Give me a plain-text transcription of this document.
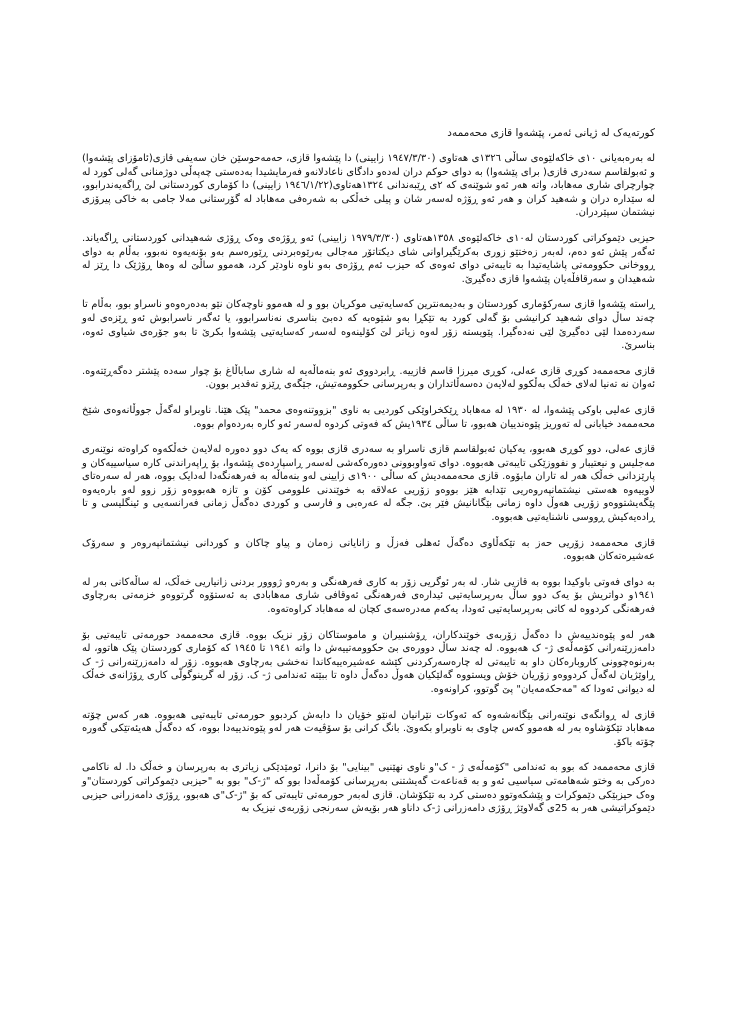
کورتەیەک لە ژیانی ئەمر، پێشەوا قازی محەممەد

لە بەرەبەیانی ١٠ی خاکەلێوەی ساڵی ١٣٢٦ی هەتاوی (١٩٤٧/٣/٣٠ زایینی) دا پێشەوا قازی، حەمەحوسێن خان سەیفی قازی(ئامۆزای پێشەوا) و ئەبولقاسم سەدری قازی( برای پێشەوا) بە دوای حوکم دران لەدەو دادگای ناعادلانەو فەرمایشیدا بەدەستی چەپەڵی دوژمنانی گەلی کورد لە چوارچرای شاری مەهاباد، واتە هەر ئەو شوێنەی کە ٢ی ڕێبەندانی ١٣٢٤هەتاوی(١٩٤٦/١/٢٢ زایینی) دا کۆماری کوردستانی لێ ڕاگەیەندرابوو، لە سێدارە دران و شەهید کران و هەر ئەو ڕۆژە لەسەر شان و پیلی خەڵکی بە شەرەفی مەهاباد لە گۆرستانی مەلا جامی بە خاکی پیرۆزی نیشتمان سپێردران.

حیزبی دێموکراتی کوردستان لە١٠ی خاکەلێوەی ١٣٥٨هەتاوی (١٩٧٩/٣/٣٠ زایینی) ئەو ڕۆژەی وەک ڕۆژی شەهیدانی کوردستانی ڕاگەیاند. ئەگەر پێش ئەو دەم، لەبەر زەختێو زوری بەکرێگیراوانی شای دیکتاتۆر مەجالی بەرێوەبردنی ڕێورەسم بەو بۆنەیەوە نەبوو، بەڵام بە دوای ڕووخانی حکوومەتی پاشایەتیدا بە تایبەتی دوای ئەوەی کە حیزب ئەم ڕۆژەی بەو ناوە ناودێر کرد، هەموو ساڵێ لە وەها ڕۆژێک دا ڕێز لە شەهیدان و سەرقافڵەیان پێشەوا قازی دەگیرێ.

ڕاستە پێشەوا قازی سەرکۆماری کوردستان و بەدیمەنترین کەسایەتیی موکریان بوو و لە هەموو ناوچەکان نێو بەدەرەوەو ناسراو بوو، بەڵام تا چەند ساڵ دوای شەهید کرانیشی بۆ گەلی کورد بە تێکڕا بەو شێوەیە کە دەبێ بناسری نەناسرابوو، یا ئەگەر ناسرابوش ئەو ڕێزەی لەو سەردەمدا لێی دەگیرێ لێی نەدەگیرا. پێویستە زۆر لەوە زیاتر لێ کۆلینەوە لەسەر کەسایەتیی پێشەوا بکرێ تا بەو جۆرەی شیاوی ئەوە، بناسرێ.

قازی محەممەد کوڕی قازی عەلی، کوڕی میرزا قاسم قازییە. ڕابردووی ئەو بنەماڵەیە لە شاری ساباڵاغ بۆ چوار سەدە پێشتر دەگەڕێتەوە. ئەوان نە تەنیا لەلای خەڵک بەڵکوو لەلایەن دەسەڵاتداران و بەرپرسانی حکوومەتیش، جێگەی ڕێزو تەقدیر بوون.

قازی عەلیی باوکی پێشەوا، لە ١٩٣٠ لە مەهاباد ڕێکخراوێکی کوردیی بە ناوی "بزووتنەوەی محمد" پێک هێنا. ناوبراو لەگەڵ جووڵانەوەی شێخ محەممەد خیابانی لە تەوریز پێوەندییان هەبوو، تا ساڵی ١٩٣٤یش کە فەوتی کردوە لەسەر ئەو کارە بەردەوام بووە.

قازی عەلی، دوو کوڕی هەبوو، یەکیان ئەبولقاسم قازی ناسراو بە سەدری قازی بووە کە یەک دوو دەورە لەلایەن خەڵکەوە کراوەتە نوێنەری مەجلیس و نیعتیبار و نفووزێکی تایبەتی هەبووە. دوای تەواوبوونی دەورەکەشی لەسەر ڕاسپاردەی پێشەوا، بۆ ڕاپەراندنی کارە سیاسییەکان و پارێزدانی خەڵک هەر لە تاران مابۆوە. قازی محەممەدیش کە ساڵی ١٩٠٠ی زایینی لەو بنەماڵە بە فەرهەنگەدا لەدایک بووە، هەر لە سەرەتای لاوییەوە هەستی نیشتمانپەروەریی تێدابە هێز بووەو زۆریی عەلاقە بە خوێندنی علوومی کۆن و تازە هەبووەو زۆر زوو لەو بارەیەوە پێگەیشتووەو زۆریی هەوڵ داوە زمانی بێگانانیش فێر بێ. جگە لە عەرەبی و فارسی و کوردی دەگەڵ زمانی فەرانسەیی و ئینگلیسی و تا ڕادەیەکیش ڕووسی ناشنایەتیی هەبووە.

قازی محەممەد زۆریی حەز بە تێکەڵاوی دەگەڵ ئەهلی فەزڵ و زانایانی زەمان و پیاو چاکان و کوردانی نیشتمانپەروەر و سەرۆک عەشیرەتەکان هەبووە.

بە دوای فەوتی باوکیدا بووە بە قازیی شار. لە بەر ئوگریی زۆر بە کاری فەرهەنگی و بەرەو ژووور بردنی زانیاریی خەڵک، لە ساڵەکانی بەر لە ١٩٤١و دواتریش بۆ یەک دوو ساڵ بەرپرسایەتیی ئیدارەی فەرهەنگی ئەوقافی شاری مەهابادی بە ئەستۆوە گرتووەو خزمەتی بەرچاوی فەرهەنگی کردووە لە کاتی بەرپرسایەتیی ئەودا، یەکەم مەدرەسەی کچان لە مەهاباد کراوەتەوە.

هەر لەو پێوەندییەش دا دەگەڵ زۆربەی خوێندکاران، ڕۆشنبیران و ماموستاکان زۆر نزیک بووە. قازی محەممەد حورمەتی تایبەتیی بۆ دامەزرێنەرانی کۆمەڵەی ژ- ک هەبووە. لە چەند ساڵ دوورەی بێ حکوومەتییەش دا واتە ١٩٤١ تا ١٩٤٥ کە کۆماری کوردستان پێک هاتوو، لە بەرنوەچوونی کاروبارەکان داو بە تایبەتی لە چارەسەرکردنی کێشە عەشیرەییەکاندا نەخشی بەرچاوی هەبووە. زۆر لە دامەزرێنەرانی ژ- ک ڕاوێژیان لەگەڵ کردووەو زۆریان خۆش ویستووە گەلێکیان هەوڵ دەگەڵ داوە تا ببێتە ئەندامی ژ- ک. زۆر لە گرینوگولّی کاری ڕۆژانەی خەڵک لە دیوانی ئەودا کە "مەحکەمەیان" پێ گوتوو، کراونەوە.

قازی لە ڕوانگەی نوێنەرانی بێگانەشەوە کە ئەوکات نێرانیان لەنێو خۆیان دا دابەش کردبوو حورمەتی تایبەتیی هەبووە. هەر کەس چۆتە مەهاباد تێکۆشاوە بەر لە هەموو کەس چاوی بە ناوبراو بکەوێ. بانگ کرانی بۆ سۆڤیەت هەر لەو پێوەندییەدا بووە، کە دەگەڵ هەیئەتێکی گەورە چۆتە باکۆ.

قازی محەممەد کە بوو بە ئەندامی "کۆمەڵەی ژ - ک"و ناوی نهێنیی "بینایی" بۆ دانرا، ئومێدێکی زیاتری بە بەرپرسان و خەڵک دا. لە ناکامی دەرکی بە وختو شەهامەتی سیاسیی ئەو و بە قەناعەت گەیشتنی بەرپرسانی کۆمەڵەدا بوو کە "ژ-ک" بوو بە "حیزبی دێموکراتی کوردستان"و وەک حیزبێکی دێموکرات و پێشکەوتوو دەستی کرد بە تێکۆشان. قازی لەبەر حورمەتی تایبەتی کە بۆ "ژ-ک"ی هەبوو، ڕۆژی دامەزرانی حیزبی دێموکراتیشی هەر بە 25ی گەلاوێژ ڕۆژی دامەزرانی ژ-ک داناو هەر بۆیەش سەرنجی زۆربەی نیزیک بە
